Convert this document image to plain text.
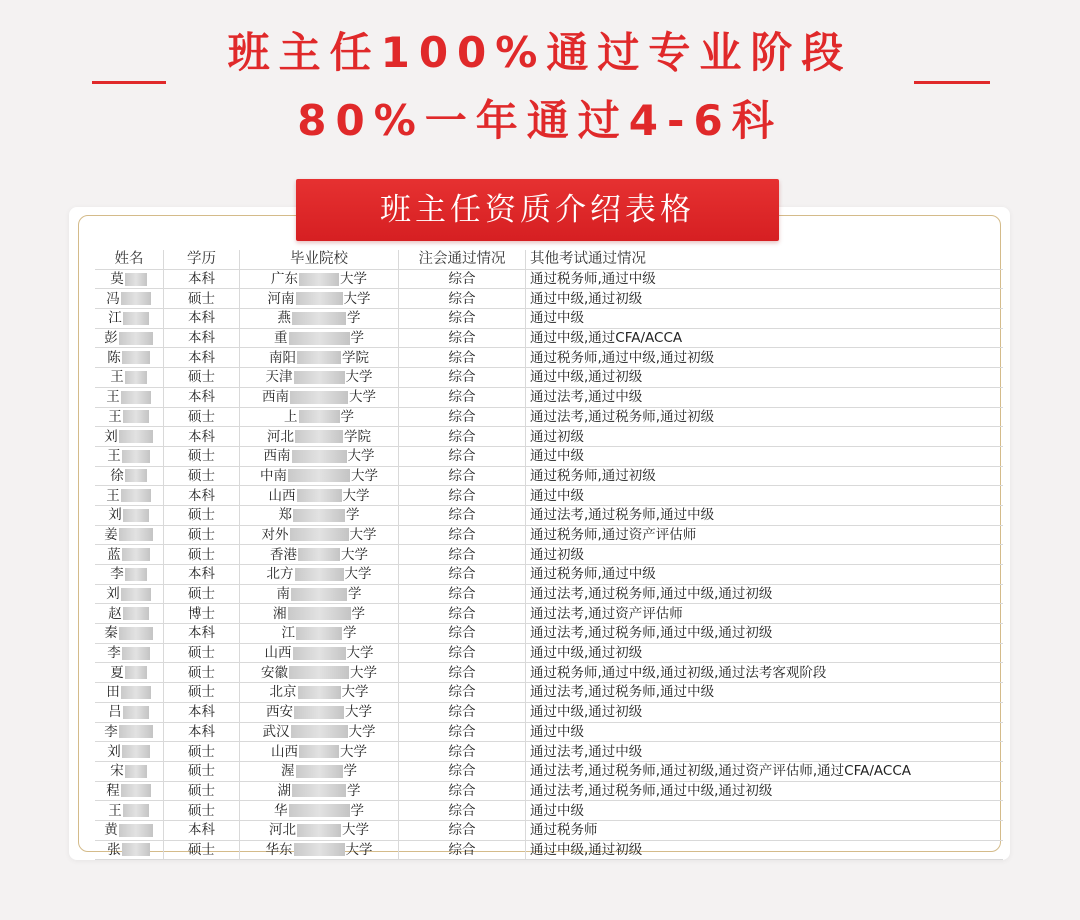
班主任100%通过专业阶段
80%一年通过4-6科
班主任资质介绍表格
姓名	学历	毕业院校	注会通过情况	其他考试通过情况
莫	本科	广东 大学	综合	通过税务师,通过中级
冯	硕士	河南 大学	综合	通过中级,通过初级
江	本科	燕 学	综合	通过中级
彭	本科	重 学	综合	通过中级,通过CFA/ACCA
陈	本科	南阳 学院	综合	通过税务师,通过中级,通过初级
王	硕士	天津 大学	综合	通过中级,通过初级
王	本科	西南 大学	综合	通过法考,通过中级
王	硕士	上 学	综合	通过法考,通过税务师,通过初级
刘	本科	河北 学院	综合	通过初级
王	硕士	西南 大学	综合	通过中级
徐	硕士	中南 大学	综合	通过税务师,通过初级
王	本科	山西 大学	综合	通过中级
刘	硕士	郑 学	综合	通过法考,通过税务师,通过中级
姜	硕士	对外 大学	综合	通过税务师,通过资产评估师
蓝	硕士	香港 大学	综合	通过初级
李	本科	北方 大学	综合	通过税务师,通过中级
刘	硕士	南 学	综合	通过法考,通过税务师,通过中级,通过初级
赵	博士	湘 学	综合	通过法考,通过资产评估师
秦	本科	江 学	综合	通过法考,通过税务师,通过中级,通过初级
李	硕士	山西 大学	综合	通过中级,通过初级
夏	硕士	安徽 大学	综合	通过税务师,通过中级,通过初级,通过法考客观阶段
田	硕士	北京 大学	综合	通过法考,通过税务师,通过中级
吕	本科	西安 大学	综合	通过中级,通过初级
李	本科	武汉 大学	综合	通过中级
刘	硕士	山西 大学	综合	通过法考,通过中级
宋	硕士	渥 学	综合	通过法考,通过税务师,通过初级,通过资产评估师,通过CFA/ACCA
程	硕士	湖 学	综合	通过法考,通过税务师,通过中级,通过初级
王	硕士	华 学	综合	通过中级
黄	本科	河北 大学	综合	通过税务师
张	硕士	华东 大学	综合	通过中级,通过初级
